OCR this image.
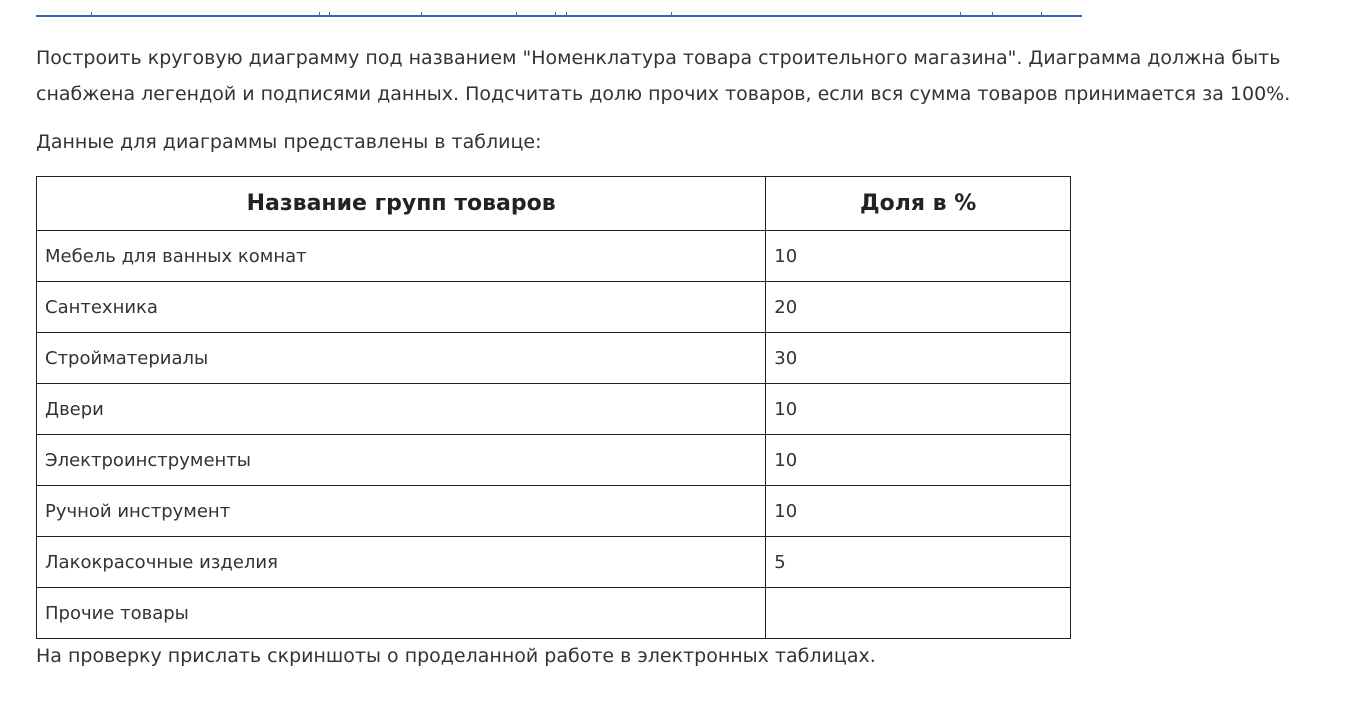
Построить круговую диаграмму под названием "Номенклатура товара строительного магазина". Диаграмма должна быть снабжена легендой и подписями данных. Подсчитать долю прочих товаров, если вся сумма товаров принимается за 100%.

Данные для диаграммы представлены в таблице:

Название групп товаров	Доля в %
Мебель для ванных комнат	10
Сантехника	20
Стройматериалы	30
Двери	10
Электроинструменты	10
Ручной инструмент	10
Лакокрасочные изделия	5
Прочие товары	

На проверку прислать скриншоты о проделанной работе в электронных таблицах.
